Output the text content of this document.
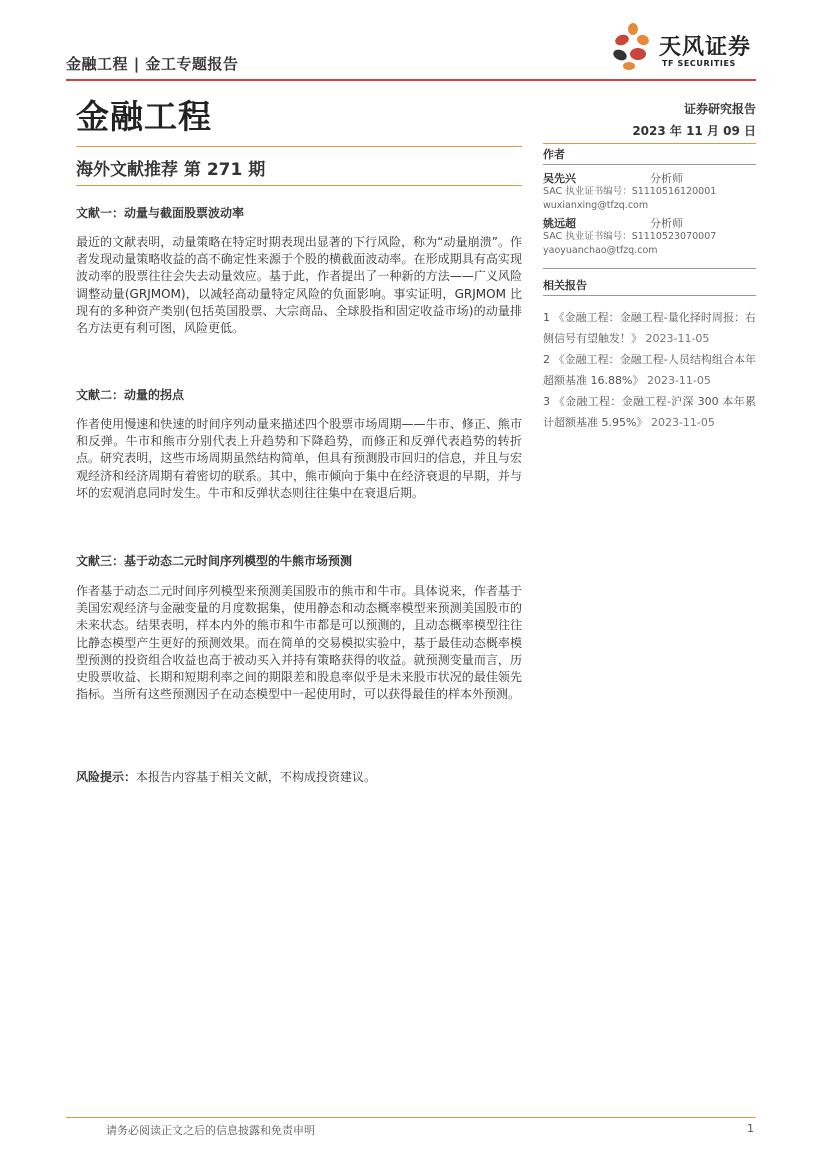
金融工程 | 金工专题报告
天风证券
TF SECURITIES
金融工程	证券研究报告
2023 年 11 月 09 日
海外文献推荐 第 271 期
文献一：动量与截面股票波动率
最近的文献表明，动量策略在特定时期表现出显著的下行风险，称为“动量崩溃”。作者发现动量策略收益的高不确定性来源于个股的横截面波动率。在形成期具有高实现波动率的股票往往会失去动量效应。基于此，作者提出了一种新的方法——广义风险调整动量(GRJMOM)，以减轻高动量特定风险的负面影响。事实证明，GRJMOM 比现有的多种资产类别(包括英国股票、大宗商品、全球股指和固定收益市场)的动量排名方法更有利可图，风险更低。
文献二：动量的拐点
作者使用慢速和快速的时间序列动量来描述四个股票市场周期——牛市、修正、熊市和反弹。牛市和熊市分别代表上升趋势和下降趋势，而修正和反弹代表趋势的转折点。研究表明，这些市场周期虽然结构简单，但具有预测股市回归的信息，并且与宏观经济和经济周期有着密切的联系。其中，熊市倾向于集中在经济衰退的早期，并与坏的宏观消息同时发生。牛市和反弹状态则往往集中在衰退后期。
文献三：基于动态二元时间序列模型的牛熊市场预测
作者基于动态二元时间序列模型来预测美国股市的熊市和牛市。具体说来，作者基于美国宏观经济与金融变量的月度数据集，使用静态和动态概率模型来预测美国股市的未来状态。结果表明，样本内外的熊市和牛市都是可以预测的，且动态概率模型往往比静态模型产生更好的预测效果。而在简单的交易模拟实验中，基于最佳动态概率模型预测的投资组合收益也高于被动买入并持有策略获得的收益。就预测变量而言，历史股票收益、长期和短期利率之间的期限差和股息率似乎是未来股市状况的最佳领先指标。当所有这些预测因子在动态模型中一起使用时，可以获得最佳的样本外预测。
风险提示：本报告内容基于相关文献，不构成投资建议。
作者
吴先兴	分析师
SAC 执业证书编号：S1110516120001
wuxianxing@tfzq.com
姚远超	分析师
SAC 执业证书编号：S1110523070007
yaoyuanchao@tfzq.com
相关报告
1 《金融工程：金融工程-量化择时周报：右侧信号有望触发！》 2023-11-05
2 《金融工程：金融工程-人员结构组合本年超额基准 16.88%》 2023-11-05
3 《金融工程：金融工程-沪深 300 本年累计超额基准 5.95%》 2023-11-05
请务必阅读正文之后的信息披露和免责申明	1
